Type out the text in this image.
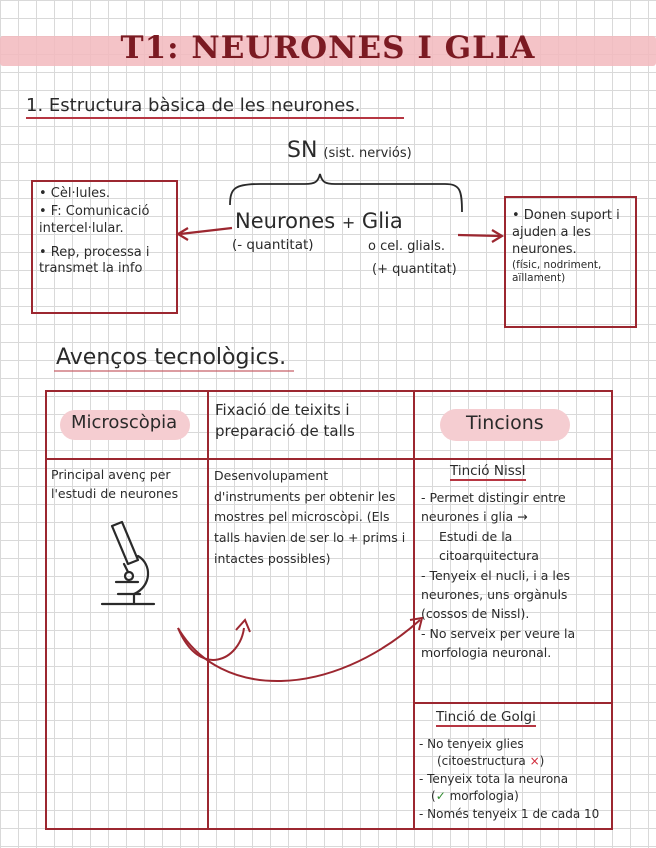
T1: NEURONES I GLIA
1. Estructura bàsica de les neurones.
SN (sist. nerviós)
Neurones + Glia
(- quantitat)	o cel. glials.
(+ quantitat)
• Cèl·lules.
• F: Comunicació intercel·lular.
• Rep, processa i transmet la info
• Donen suport i ajuden a les neurones.
(físic, nodriment, aïllament)
Avenços tecnològics.
Microscòpia
Fixació de teixits i preparació de talls	Tincions
Principal avenç per l'estudi de neurones
Desenvolupament d'instruments per obtenir les mostres pel microscòpi. (Els talls havien de ser lo + prims i intactes possibles)
Tinció Nissl
- Permet distingir entre neurones i glia →
Estudi de la citoarquitectura
- Tenyeix el nucli, i a les neurones, uns orgànuls (cossos de Nissl).
- No serveix per veure la morfologia neuronal.
Tinció de Golgi
- No tenyeix glies
(citoestructura ×)
- Tenyeix tota la neurona
(✓ morfologia)
- Només tenyeix 1 de cada 10
